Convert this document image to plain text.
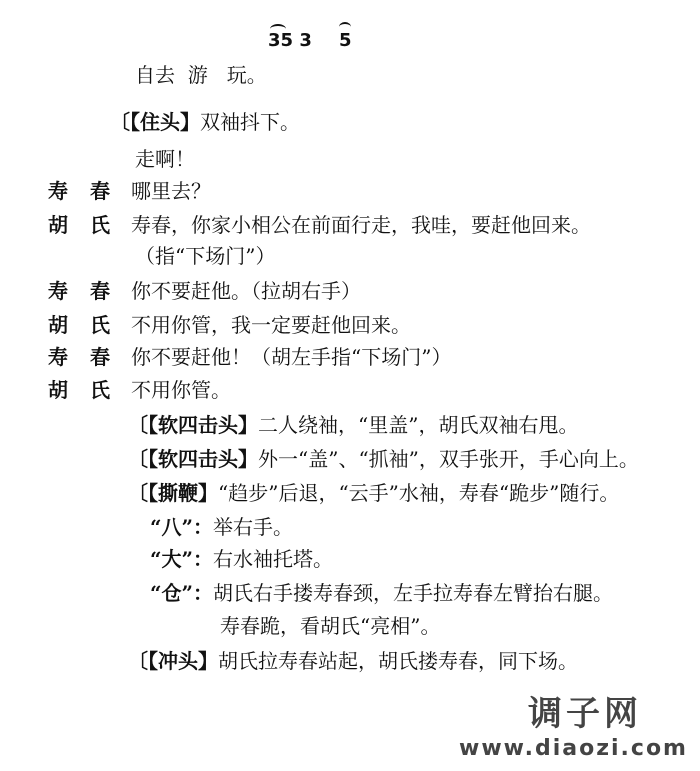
35 3 5
自去  游   玩。
〔【住头】双袖抖下。
走啊！
寿春 哪里去？
胡氏 寿春，你家小相公在前面行走，我哇，要赶他回来。
（指“下场门”）
寿春 你不要赶他。（拉胡右手）
胡氏 不用你管，我一定要赶他回来。
寿春 你不要赶他！（胡左手指“下场门”）
胡氏 不用你管。
〔【软四击头】二人绕袖，“里盖”，胡氏双袖右甩。
〔【软四击头】外一“盖”、“抓袖”，双手张开，手心向上。
〔【撕鞭】“趋步”后退，“云手”水袖，寿春“跪步”随行。
“八”：举右手。
“大”：右水袖托塔。
“仓”：胡氏右手搂寿春颈，左手拉寿春左臂抬右腿。
寿春跪，看胡氏“亮相”。
〔【冲头】胡氏拉寿春站起，胡氏搂寿春，同下场。
调子网
www.diaozi.com
